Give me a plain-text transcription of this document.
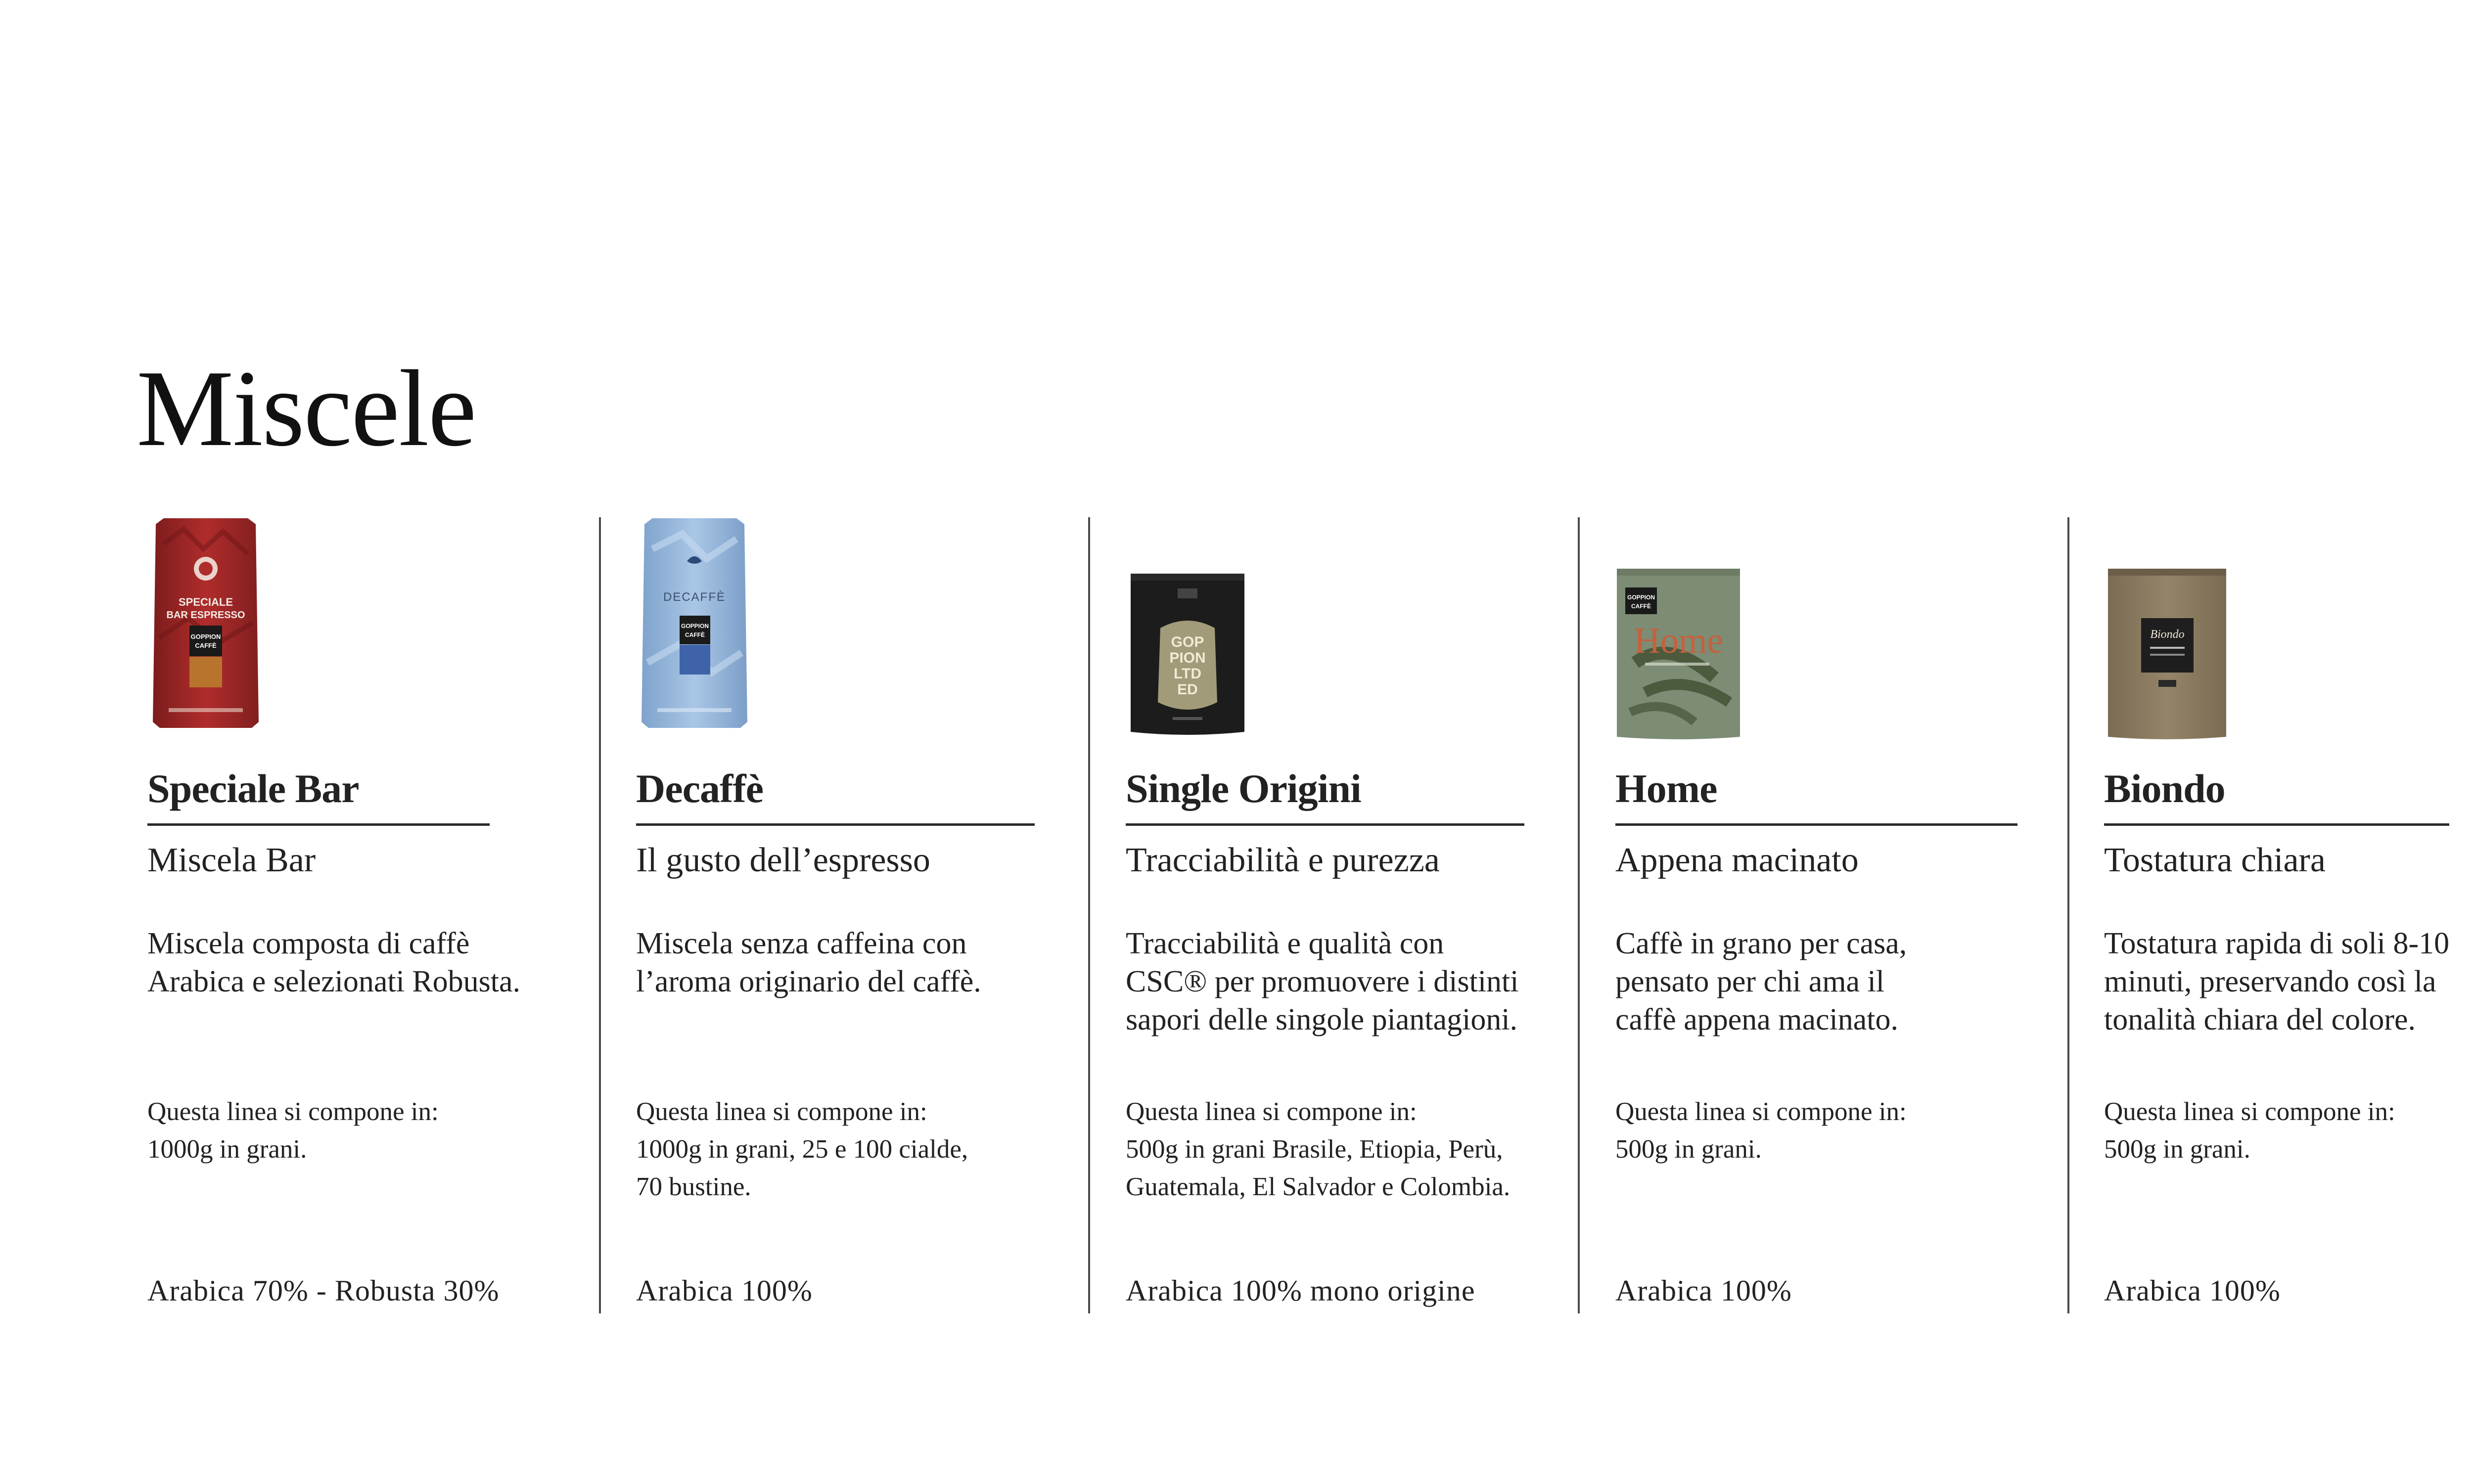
Miscele
SPECIALE
BAR ESPRESSO
GOPPION
CAFFÈ
Speciale Bar
Miscela Bar
Miscela composta di caffè
Arabica e selezionati Robusta.
Questa linea si compone in:
1000g in grani.
Arabica 70% - Robusta 30%
DECAFFÈ
GOPPION
CAFFÈ
Decaffè
Il gusto dell’espresso
Miscela senza caffeina con
l’aroma originario del caffè.
Questa linea si compone in:
1000g in grani, 25 e 100 cialde,
70 bustine.
Arabica 100%
GOP
PION
LTD
ED
Single Origini
Tracciabilità e purezza
Tracciabilità e qualità con
CSC® per promuovere i distinti
sapori delle singole piantagioni.
Questa linea si compone in:
500g in grani Brasile, Etiopia, Perù,
Guatemala, El Salvador e Colombia.
Arabica 100% mono origine
GOPPION
CAFFÈ
Home
Home
Appena macinato
Caffè in grano per casa,
pensato per chi ama il
caffè appena macinato.
Questa linea si compone in:
500g in grani.
Arabica 100%
Biondo
Biondo
Tostatura chiara
Tostatura rapida di soli 8-10
minuti, preservando così la
tonalità chiara del colore.
Questa linea si compone in:
500g in grani.
Arabica 100%
